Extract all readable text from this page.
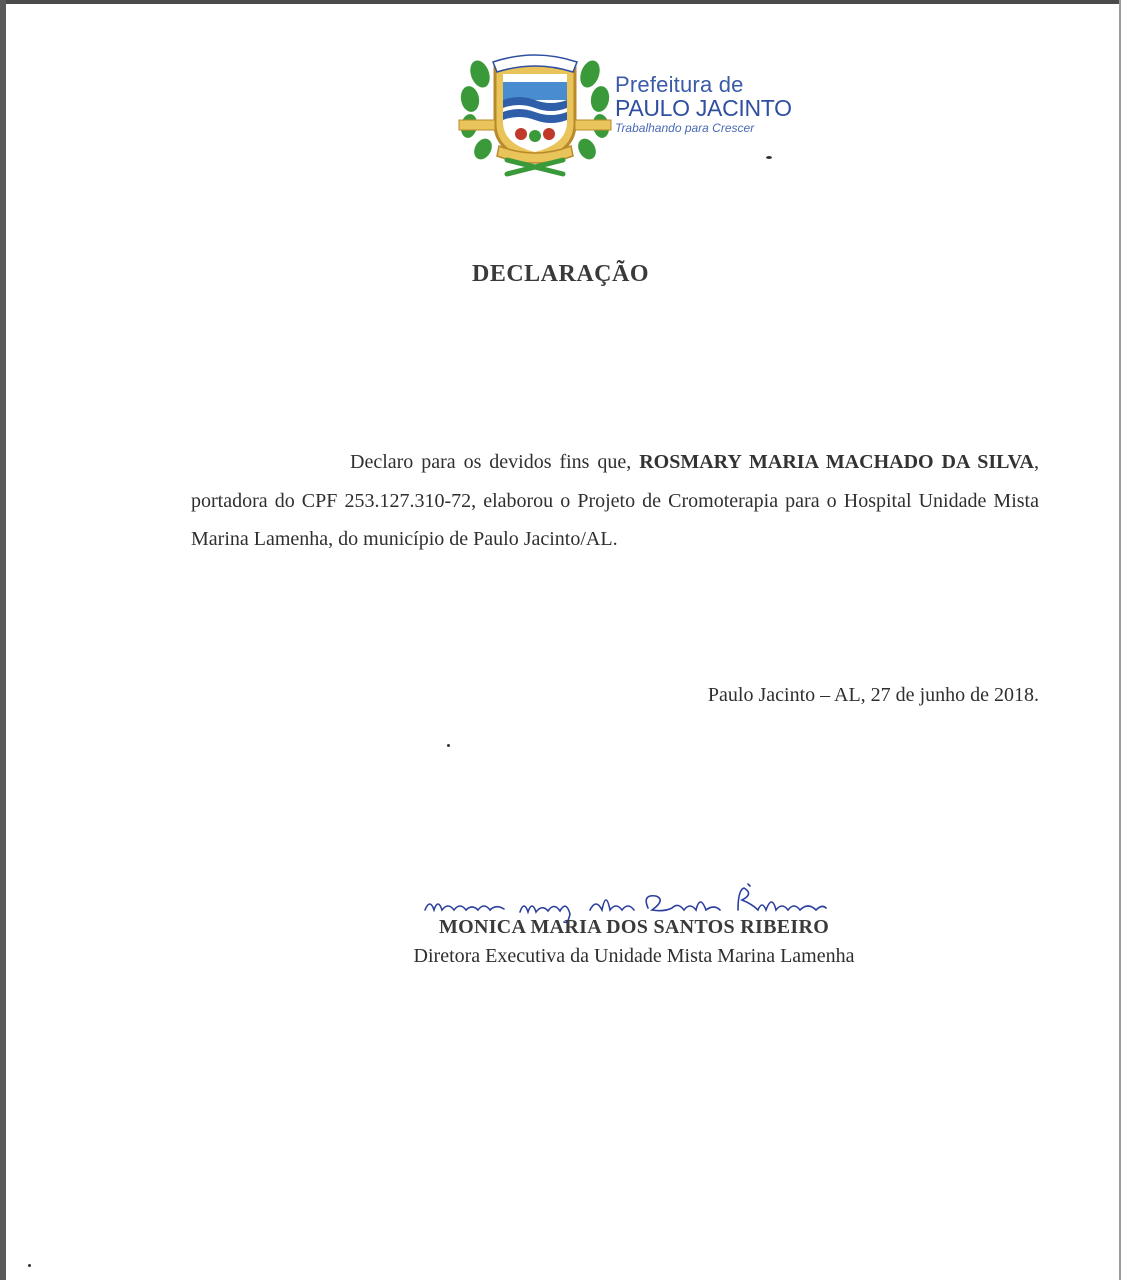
Prefeitura de
PAULO JACINTO
Trabalhando para Crescer
DECLARAÇÃO
Declaro para os devidos fins que, ROSMARY MARIA MACHADO DA SILVA, portadora do CPF 253.127.310-72, elaborou o Projeto de Cromoterapia para o Hospital Unidade Mista Marina Lamenha, do município de Paulo Jacinto/AL.
Paulo Jacinto – AL, 27 de junho de 2018.
MONICA MARIA DOS SANTOS RIBEIRO
Diretora Executiva da Unidade Mista Marina Lamenha
